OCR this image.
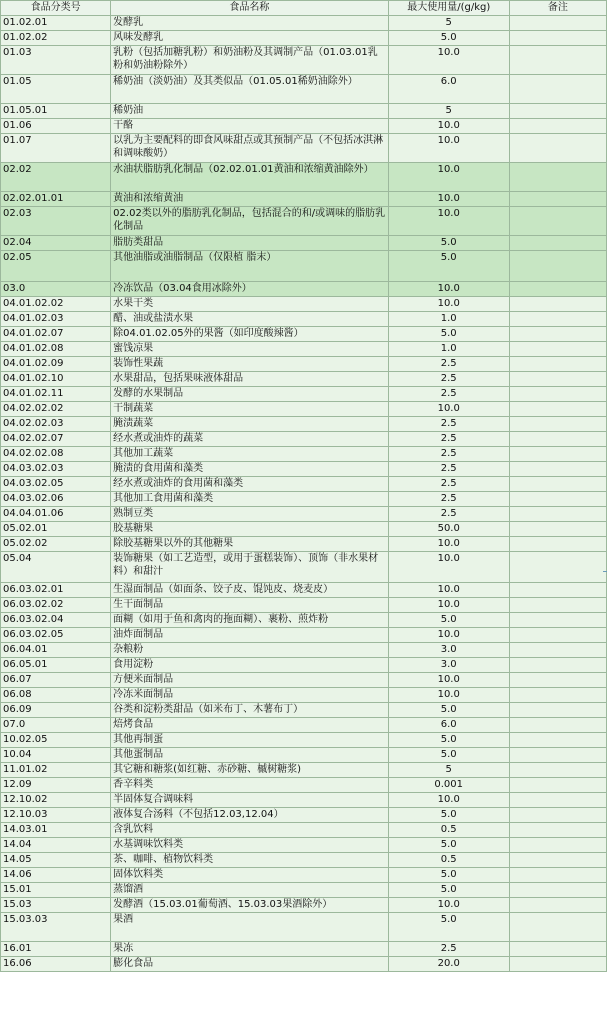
食品分类号	食品名称	最大使用量/(g/kg)	备注
01.02.01	发酵乳	5	
01.02.02	风味发酵乳	5.0	
01.03	乳粉（包括加糖乳粉）和奶油粉及其调制产品（01.03.01乳粉和奶油粉除外）	10.0	
01.05	稀奶油（淡奶油）及其类似品（01.05.01稀奶油除外）	6.0	
01.05.01	稀奶油	5	
01.06	干酪	10.0	
01.07	以乳为主要配料的即食风味甜点或其预制产品（不包括冰淇淋和调味酸奶）	10.0	
02.02	水油状脂肪乳化制品（02.02.01.01黄油和浓缩黄油除外）	10.0	
02.02.01.01	黄油和浓缩黄油	10.0	
02.03	02.02类以外的脂肪乳化制品，包括混合的和/或调味的脂肪乳化制品	10.0	
02.04	脂肪类甜品	5.0	
02.05	其他油脂或油脂制品（仅限植 脂末）	5.0	
03.0	冷冻饮品（03.04食用冰除外）	10.0	
04.01.02.02	水果干类	10.0	
04.01.02.03	醋、油或盐渍水果	1.0	
04.01.02.07	除04.01.02.05外的果酱（如印度酸辣酱）	5.0	
04.01.02.08	蜜饯凉果	1.0	
04.01.02.09	装饰性果蔬	2.5	
04.01.02.10	水果甜品，包括果味液体甜品	2.5	
04.01.02.11	发酵的水果制品	2.5	
04.02.02.02	干制蔬菜	10.0	
04.02.02.03	腌渍蔬菜	2.5	
04.02.02.07	经水煮或油炸的蔬菜	2.5	
04.02.02.08	其他加工蔬菜	2.5	
04.03.02.03	腌渍的食用菌和藻类	2.5	
04.03.02.05	经水煮或油炸的食用菌和藻类	2.5	
04.03.02.06	其他加工食用菌和藻类	2.5	
04.04.01.06	熟制豆类	2.5	
05.02.01	胶基糖果	50.0	
05.02.02	除胶基糖果以外的其他糖果	10.0	
05.04	装饰糖果（如工艺造型，或用于蛋糕装饰）、顶饰（非水果材料）和甜汁	10.0	
06.03.02.01	生湿面制品（如面条、饺子皮、馄饨皮、烧麦皮）	10.0	
06.03.02.02	生干面制品	10.0	
06.03.02.04	面糊（如用于鱼和禽肉的拖面糊）、裹粉、煎炸粉	5.0	
06.03.02.05	油炸面制品	10.0	
06.04.01	杂粮粉	3.0	
06.05.01	食用淀粉	3.0	
06.07	方便米面制品	10.0	
06.08	冷冻米面制品	10.0	
06.09	谷类和淀粉类甜品（如米布丁、木薯布丁）	5.0	
07.0	焙烤食品	6.0	
10.02.05	其他再制蛋	5.0	
10.04	其他蛋制品	5.0	
11.01.02	其它糖和糖浆(如红糖、赤砂糖、槭树糖浆)	5	
12.09	香辛料类	0.001	
12.10.02	半固体复合调味料	10.0	
12.10.03	液体复合汤料（不包括12.03,12.04）	5.0	
14.03.01	含乳饮料	0.5	
14.04	水基调味饮料类	5.0	
14.05	茶、咖啡、植物饮料类	0.5	
14.06	固体饮料类	5.0	
15.01	蒸馏酒	5.0	
15.03	发酵酒（15.03.01葡萄酒、15.03.03果酒除外）	10.0	
15.03.03	果酒	5.0	
16.01	果冻	2.5	
16.06	膨化食品	20.0	
